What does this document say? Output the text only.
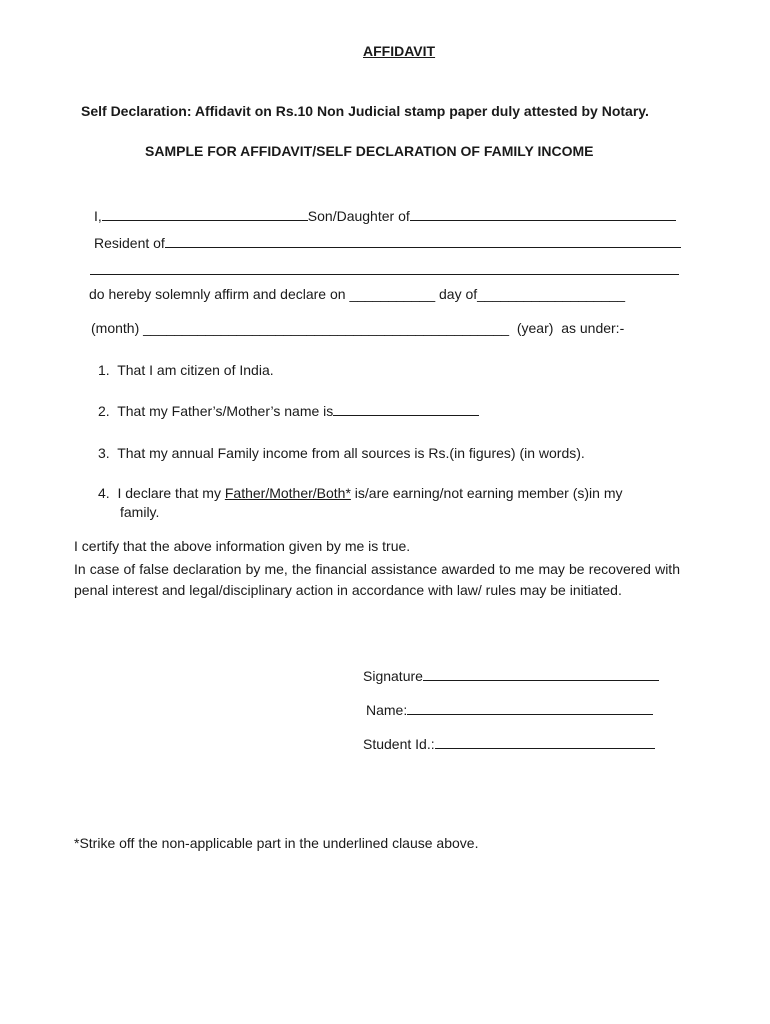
AFFIDAVIT
Self Declaration: Affidavit on Rs.10 Non Judicial stamp paper duly attested by Notary.
SAMPLE FOR AFFIDAVIT/SELF DECLARATION OF FAMILY INCOME
I,	Son/Daughter of
Resident of
do hereby solemnly affirm and declare on ___________ day of___________________
(month) _______________________________________________ (year) as under:-
1. That I am citizen of India.
2. That my Father’s/Mother’s name is
3. That my annual Family income from all sources is Rs.(in figures) (in words).
4. I declare that my Father/Mother/Both* is/are earning/not earning member (s)in my
family.
I certify that the above information given by me is true.
In case of false declaration by me, the financial assistance awarded to me may be recovered with penal interest and legal/disciplinary action in accordance with law/ rules may be initiated.
Signature
Name:
Student Id.:
*Strike off the non-applicable part in the underlined clause above.
